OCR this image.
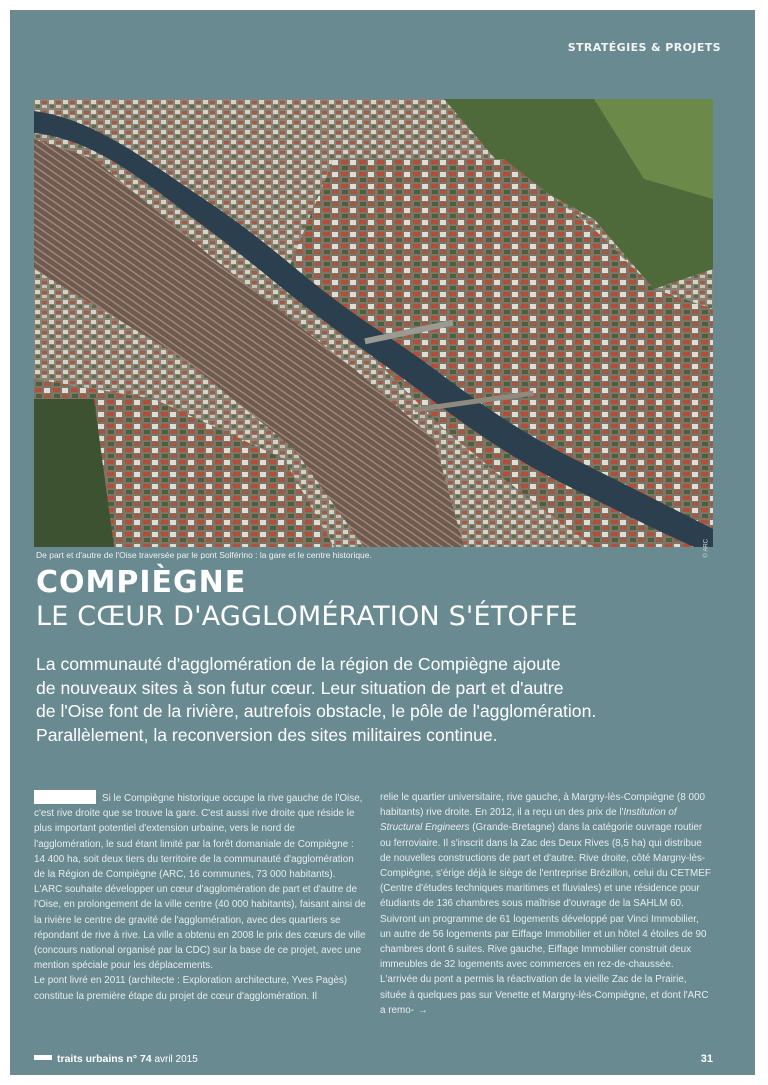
STRATÉGIES & PROJETS
© ARC
De part et d'autre de l'Oise traversée par le pont Solférino : la gare et le centre historique.
COMPIÈGNE
LE CŒUR D'AGGLOMÉRATION S'ÉTOFFE
La communauté d'agglomération de la région de Compiègne ajoute
de nouveaux sites à son futur cœur. Leur situation de part et d'autre
de l'Oise font de la rivière, autrefois obstacle, le pôle de l'agglomération.
Parallèlement, la reconversion des sites militaires continue.

Si le Compiègne historique occupe la rive gauche de l'Oise, c'est rive droite que se trouve la gare. C'est aussi rive droite que réside le plus important potentiel d'extension urbaine, vers le nord de l'agglomération, le sud étant limité par la forêt domaniale de Compiègne : 14 400 ha, soit deux tiers du territoire de la communauté d'agglomération de la Région de Compiègne (ARC, 16 communes, 73 000 habitants).

L'ARC souhaite développer un cœur d'agglomération de part et d'autre de l'Oise, en prolongement de la ville centre (40 000 habitants), faisant ainsi de la rivière le centre de gravité de l'agglomération, avec des quartiers se répondant de rive à rive. La ville a obtenu en 2008 le prix des cœurs de ville (concours national organisé par la CDC) sur la base de ce projet, avec une mention spéciale pour les déplacements.

Le pont livré en 2011 (architecte : Exploration architecture, Yves Pagès) constitue la première étape du projet de cœur d'agglomération. Il

relie le quartier universitaire, rive gauche, à Margny-lès-Compiègne (8 000 habitants) rive droite. En 2012, il a reçu un des prix de l'Institution of Structural Engineers (Grande-Bretagne) dans la catégorie ouvrage routier ou ferroviaire. Il s'inscrit dans la Zac des Deux Rives (8,5 ha) qui distribue de nouvelles constructions de part et d'autre. Rive droite, côté Margny-lès-Compiègne, s'érige déjà le siège de l'entreprise Brézillon, celui du CETMEF (Centre d'études techniques maritimes et fluviales) et une résidence pour étudiants de 136 chambres sous maîtrise d'ouvrage de la SAHLM 60. Suivront un programme de 61 logements développé par Vinci Immobilier, un autre de 56 logements par Eiffage Immobilier et un hôtel 4 étoiles de 90 chambres dont 6 suites. Rive gauche, Eiffage Immobilier construit deux immeubles de 32 logements avec commerces en rez-de-chaussée. L'arrivée du pont a permis la réactivation de la vieille Zac de la Prairie, située à quelques pas sur Venette et Margny-lès-Compiègne, et dont l'ARC a remo- →

traits urbains n° 74 avril 2015	31
